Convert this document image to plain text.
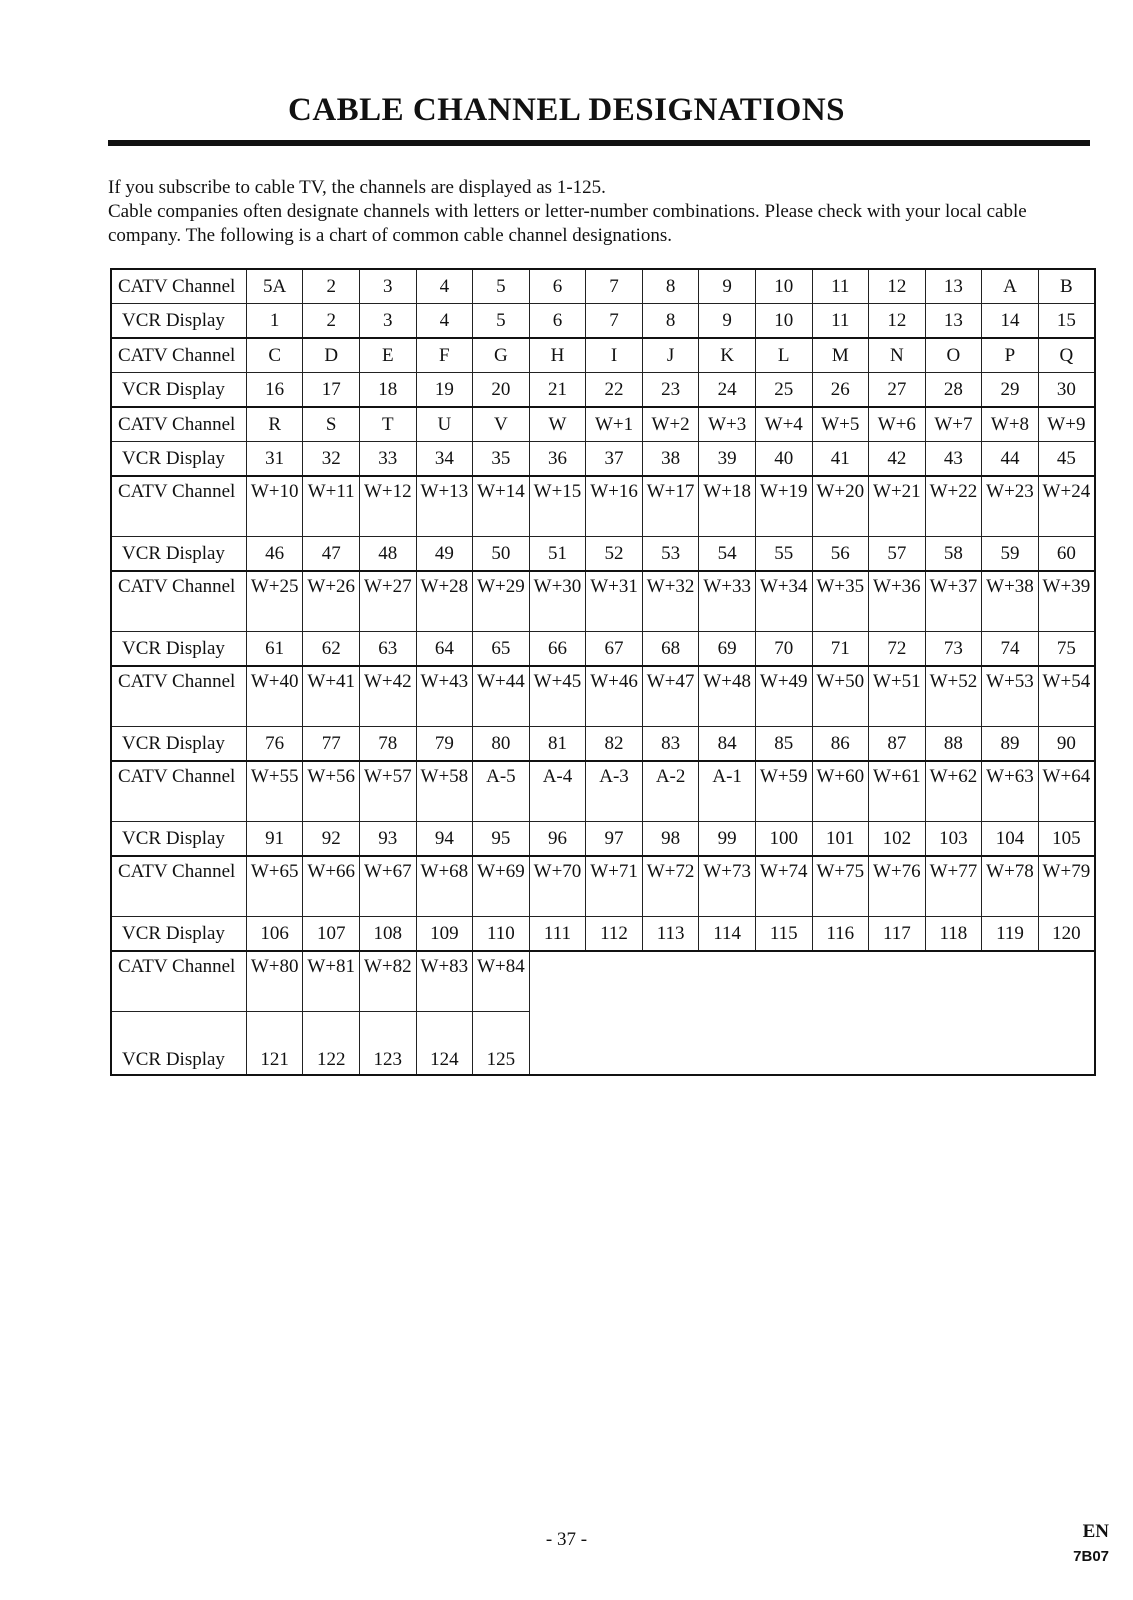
CABLE CHANNEL DESIGNATIONS
If you subscribe to cable TV, the channels are displayed as 1-125.
Cable companies often designate channels with letters or letter-number combinations. Please check with your local cable company. The following is a chart of common cable channel designations.
CATV Channel	5A	2	3	4	5	6	7	8	9	10	11	12	13	A	B
VCR Display	1	2	3	4	5	6	7	8	9	10	11	12	13	14	15
CATV Channel	C	D	E	F	G	H	I	J	K	L	M	N	O	P	Q
VCR Display	16	17	18	19	20	21	22	23	24	25	26	27	28	29	30
CATV Channel	R	S	T	U	V	W	W+1	W+2	W+3	W+4	W+5	W+6	W+7	W+8	W+9
VCR Display	31	32	33	34	35	36	37	38	39	40	41	42	43	44	45
CATV Channel	W+10	W+11	W+12	W+13	W+14	W+15	W+16	W+17	W+18	W+19	W+20	W+21	W+22	W+23	W+24
VCR Display	46	47	48	49	50	51	52	53	54	55	56	57	58	59	60
CATV Channel	W+25	W+26	W+27	W+28	W+29	W+30	W+31	W+32	W+33	W+34	W+35	W+36	W+37	W+38	W+39
VCR Display	61	62	63	64	65	66	67	68	69	70	71	72	73	74	75
CATV Channel	W+40	W+41	W+42	W+43	W+44	W+45	W+46	W+47	W+48	W+49	W+50	W+51	W+52	W+53	W+54
VCR Display	76	77	78	79	80	81	82	83	84	85	86	87	88	89	90
CATV Channel	W+55	W+56	W+57	W+58	A-5	A-4	A-3	A-2	A-1	W+59	W+60	W+61	W+62	W+63	W+64
VCR Display	91	92	93	94	95	96	97	98	99	100	101	102	103	104	105
CATV Channel	W+65	W+66	W+67	W+68	W+69	W+70	W+71	W+72	W+73	W+74	W+75	W+76	W+77	W+78	W+79
VCR Display	106	107	108	109	110	111	112	113	114	115	116	117	118	119	120
CATV Channel	W+80	W+81	W+82	W+83	W+84										
VCR Display	121	122	123	124	125										
- 37 -	EN
7B07
